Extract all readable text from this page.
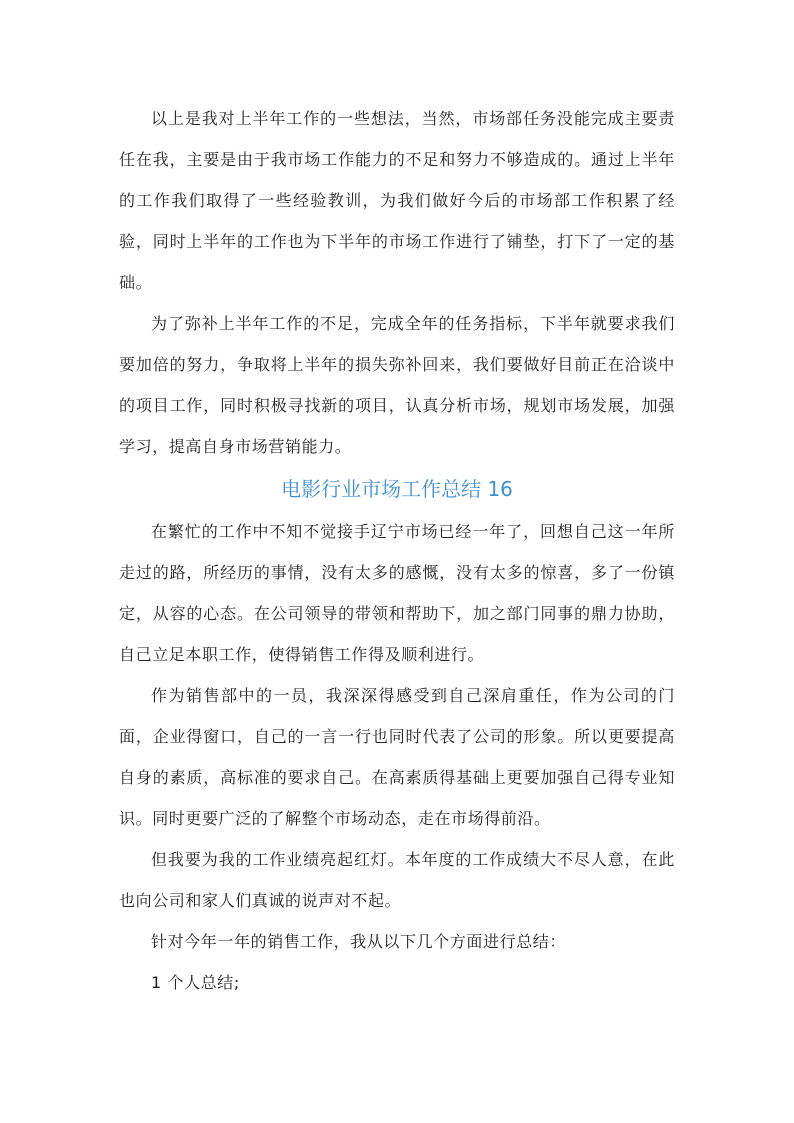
以上是我对上半年工作的一些想法，当然，市场部任务没能完成主要责任在我，主要是由于我市场工作能力的不足和努力不够造成的。通过上半年的工作我们取得了一些经验教训，为我们做好今后的市场部工作积累了经验，同时上半年的工作也为下半年的市场工作进行了铺垫，打下了一定的基础。

为了弥补上半年工作的不足，完成全年的任务指标，下半年就要求我们要加倍的努力，争取将上半年的损失弥补回来，我们要做好目前正在洽谈中的项目工作，同时积极寻找新的项目，认真分析市场，规划市场发展，加强学习，提高自身市场营销能力。

电影行业市场工作总结 16

在繁忙的工作中不知不觉接手辽宁市场已经一年了，回想自己这一年所走过的路，所经历的事情，没有太多的感慨，没有太多的惊喜，多了一份镇定，从容的心态。在公司领导的带领和帮助下，加之部门同事的鼎力协助，自己立足本职工作，使得销售工作得及顺利进行。

作为销售部中的一员，我深深得感受到自己深肩重任，作为公司的门面，企业得窗口，自己的一言一行也同时代表了公司的形象。所以更要提高自身的素质，高标准的要求自己。在高素质得基础上更要加强自己得专业知识。同时更要广泛的了解整个市场动态，走在市场得前沿。

但我要为我的工作业绩亮起红灯。本年度的工作成绩大不尽人意，在此也向公司和家人们真诚的说声对不起。

针对今年一年的销售工作，我从以下几个方面进行总结：

1 个人总结;
